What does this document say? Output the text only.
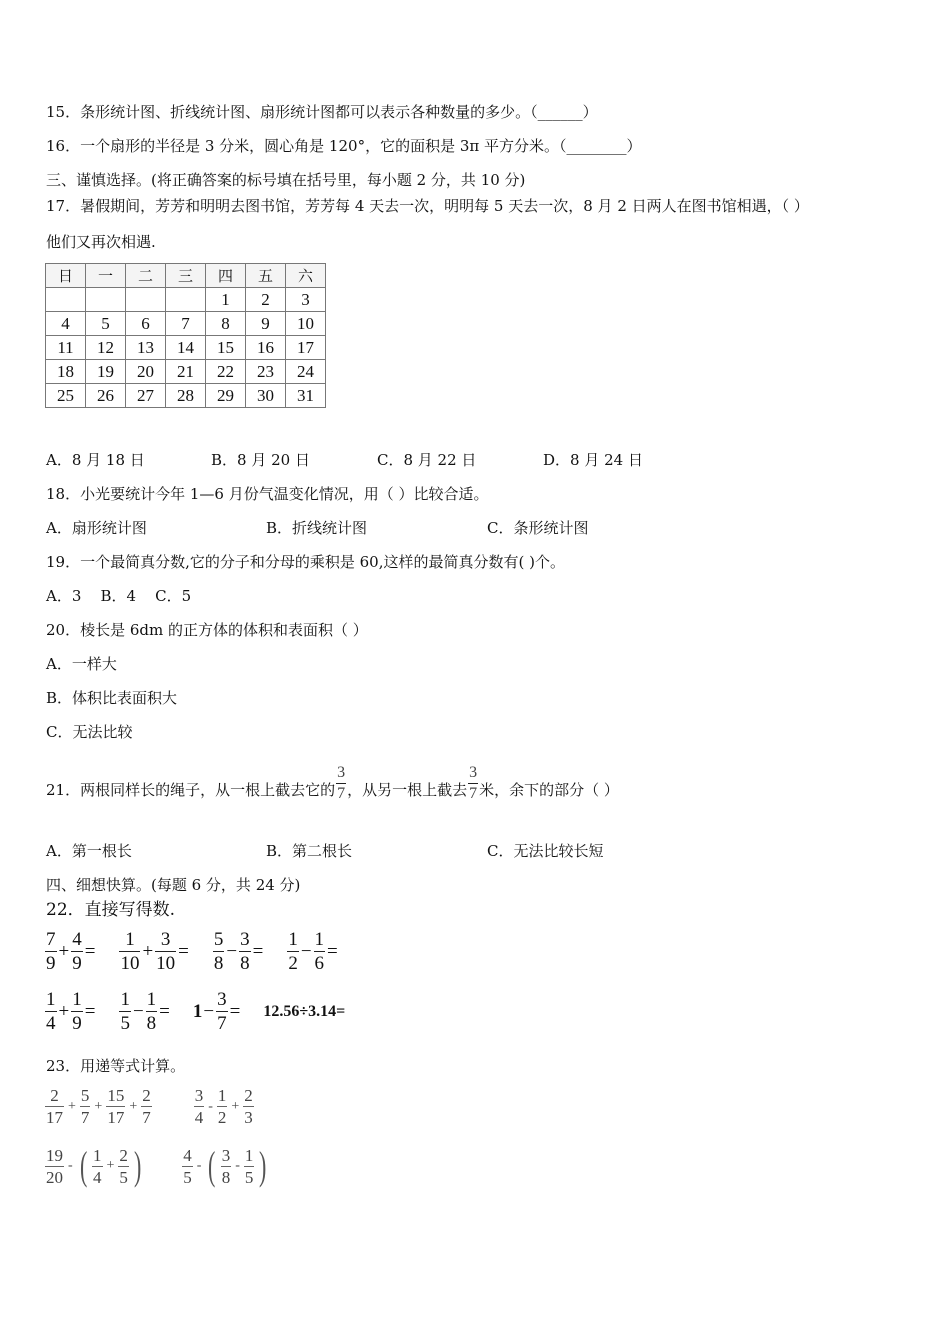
15．条形统计图、折线统计图、扇形统计图都可以表示各种数量的多少。（______）
16．一个扇形的半径是 3 分米，圆心角是 120°，它的面积是 3π 平方分米。（________）
三、谨慎选择。(将正确答案的标号填在括号里，每小题 2 分，共 10 分)
17．暑假期间，芳芳和明明去图书馆，芳芳每 4 天去一次，明明每 5 天去一次，8 月 2 日两人在图书馆相遇，（ ）
他们又再次相遇.
日	一	二	三	四	五	六
				1	2	3
4	5	6	7	8	9	10
11	12	13	14	15	16	17
18	19	20	21	22	23	24
25	26	27	28	29	30	31
A．8 月 18 日	B．8 月 20 日	C．8 月 22 日	D．8 月 24 日
18．小光要统计今年 1—6 月份气温变化情况，用（ ）比较合适。
A．扇形统计图	B．折线统计图	C．条形统计图
19．一个最简真分数,它的分子和分母的乘积是 60,这样的最简真分数有( )个。
A．3    B．4    C．5
20．棱长是 6dm 的正方体的体积和表面积（ ）
A．一样大
B．体积比表面积大
C．无法比较
21．两根同样长的绳子，从一根上截去它的 $\frac{3}{7}$ ，从另一根上截去 $\frac{3}{7}$ 米，余下的部分（ ）
A．第一根长	B．第二根长	C．无法比较长短
四、细想快算。(每题 6 分，共 24 分)
22．直接写得数.
$\frac{7}{9} + \frac{4}{9} = \frac{1}{10} + \frac{3}{10} = \frac{5}{8} - \frac{3}{8} = \frac{1}{2} - \frac{1}{6}$ =
$\frac{1}{4} + \frac{1}{9} = \frac{1}{5} - \frac{1}{8} = 1 - \frac{3}{7} = 12.56\div 3.14=$
23．用递等式计算。
$\frac{2}{17} + \frac{5}{7} + \frac{15}{17} + \frac{2}{7} \frac{3}{4} - \frac{1}{2} + \frac{2}{3}$
$\frac{19}{20}$ - ( $\frac{1}{4} + \frac{2}{5}$ ) $\frac{4}{5}$ - ( $\frac{3}{8} - \frac{1}{5}$ )
